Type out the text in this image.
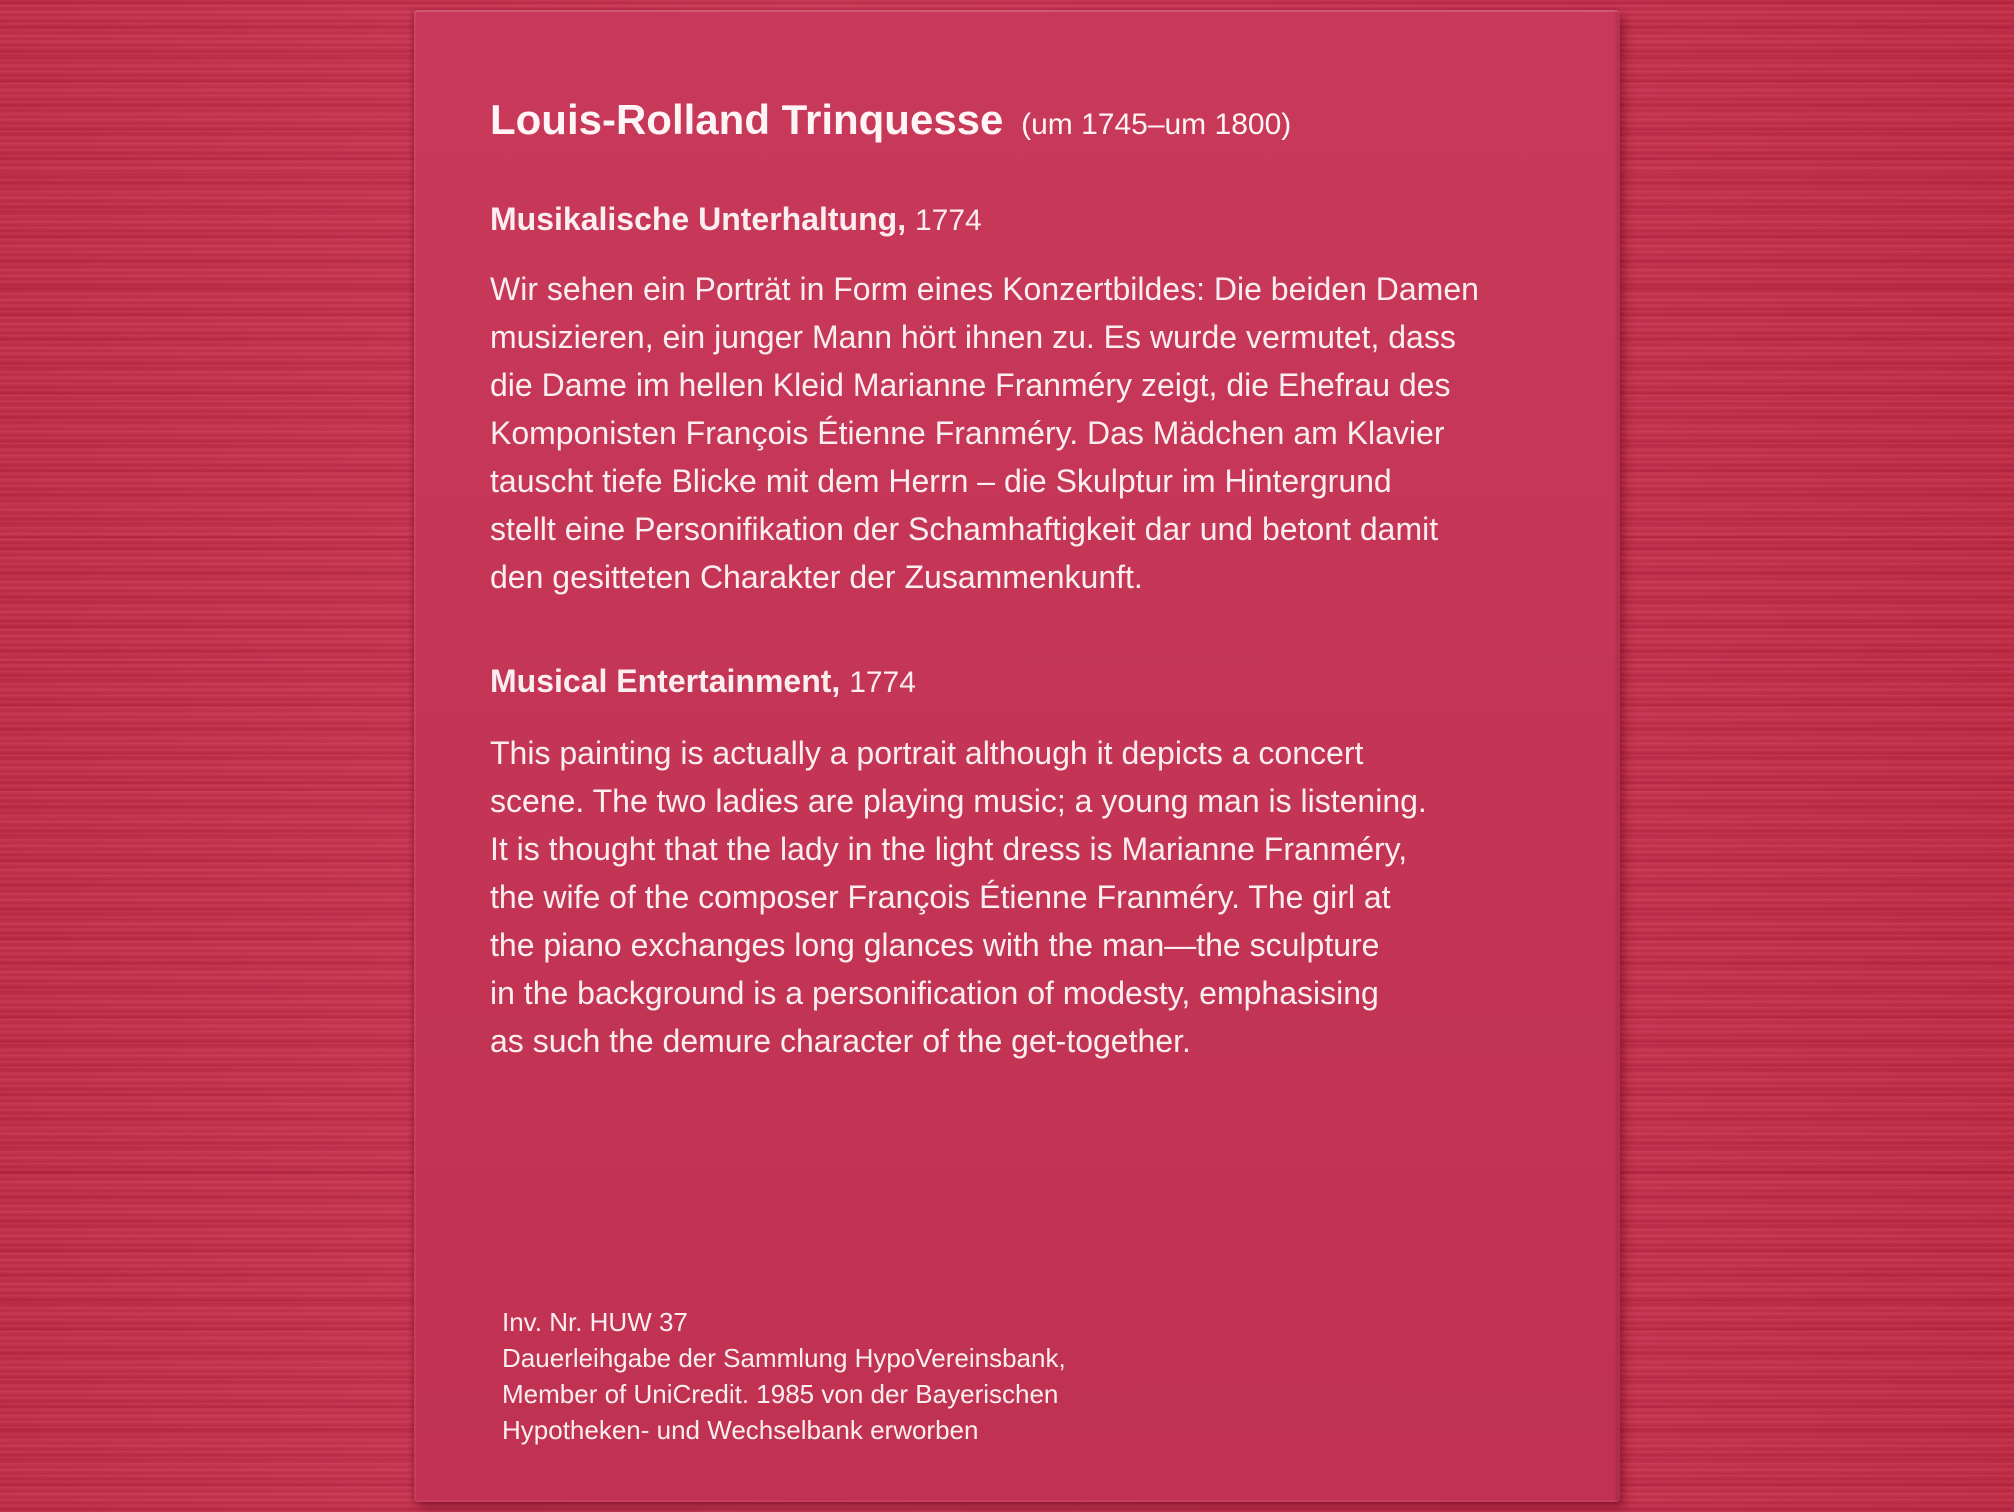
Louis-Rolland Trinquesse (um 1745–um 1800)
Musikalische Unterhaltung, 1774

Wir sehen ein Porträt in Form eines Konzertbildes: Die beiden Damen
musizieren, ein junger Mann hört ihnen zu. Es wurde vermutet, dass
die Dame im hellen Kleid Marianne Franméry zeigt, die Ehefrau des
Komponisten François Étienne Franméry. Das Mädchen am Klavier
tauscht tiefe Blicke mit dem Herrn – die Skulptur im Hintergrund
stellt eine Personifikation der Schamhaftigkeit dar und betont damit
den gesitteten Charakter der Zusammenkunft.

Musical Entertainment, 1774

This painting is actually a portrait although it depicts a concert
scene. The two ladies are playing music; a young man is listening.
It is thought that the lady in the light dress is Marianne Franméry,
the wife of the composer François Étienne Franméry. The girl at
the piano exchanges long glances with the man—the sculpture
in the background is a personification of modesty, emphasising
as such the demure character of the get-together.

Inv. Nr. HUW 37
Dauerleihgabe der Sammlung HypoVereinsbank,
Member of UniCredit. 1985 von der Bayerischen
Hypotheken- und Wechselbank erworben
